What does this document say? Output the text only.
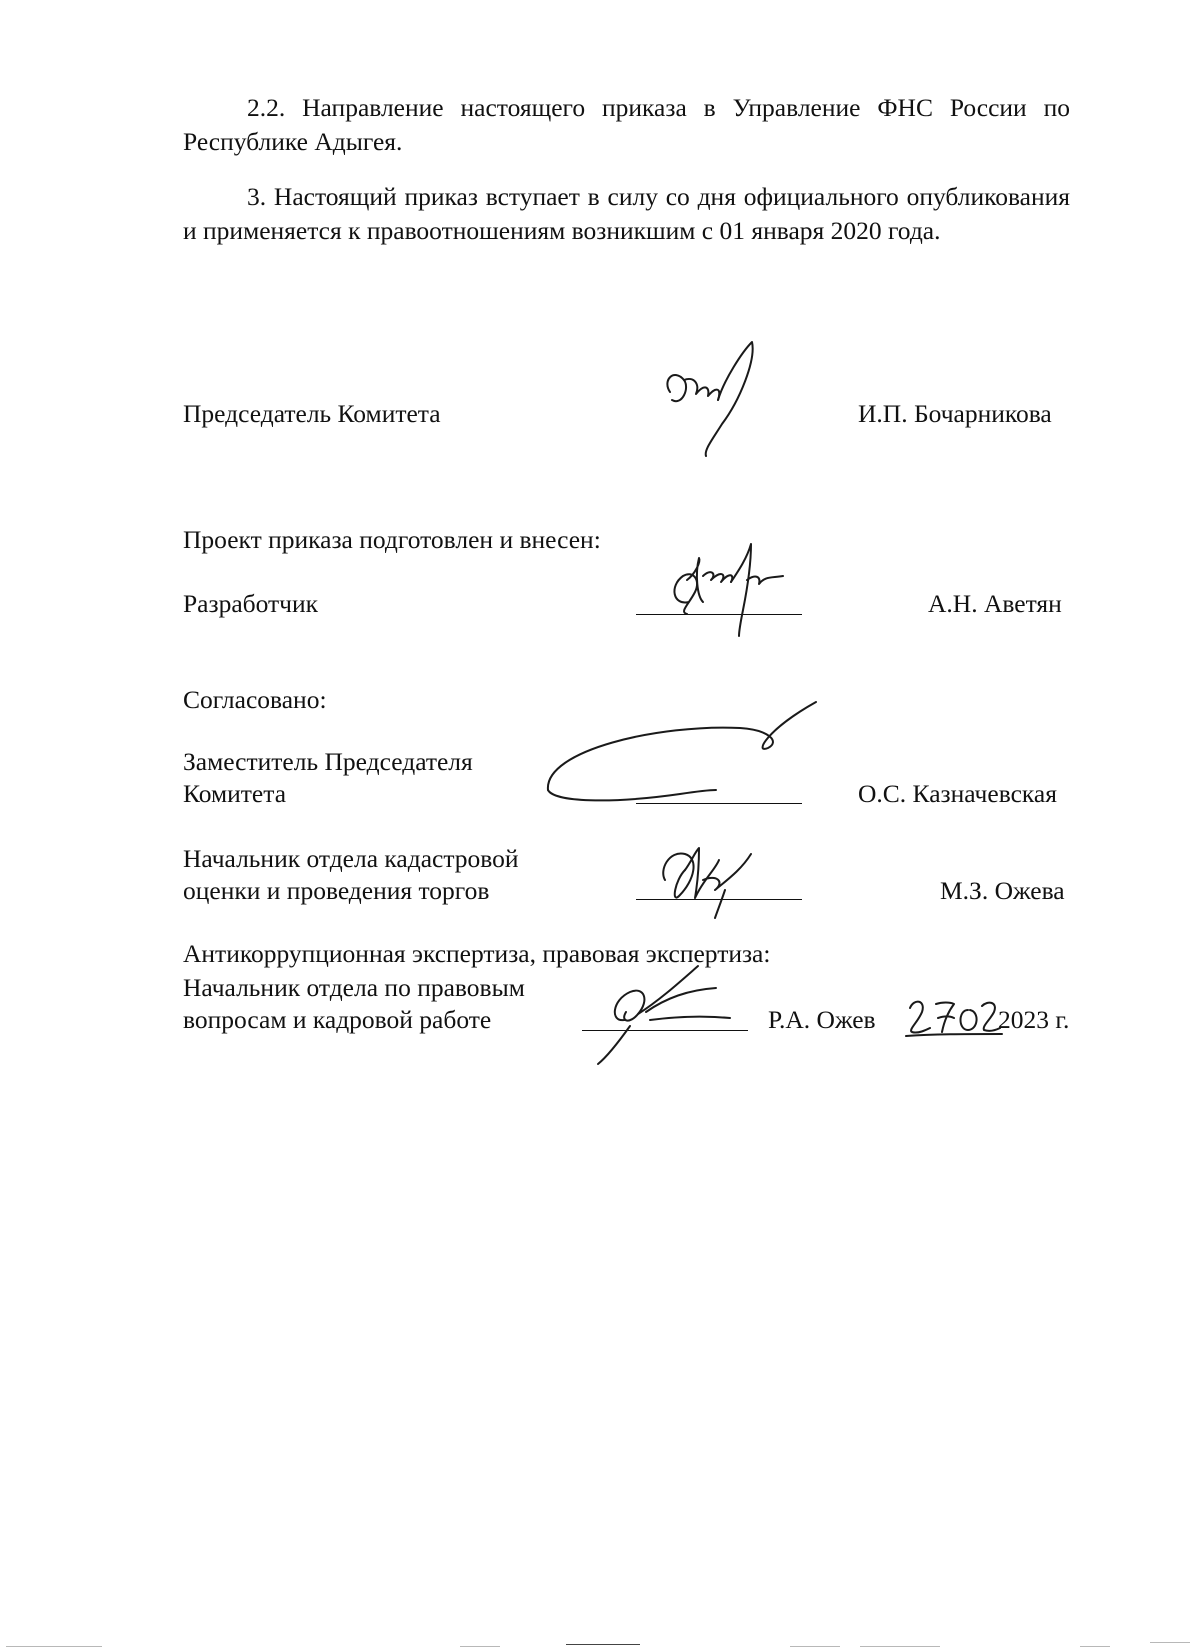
2.2. Направление настоящего приказа в Управление ФНС России по Республике Адыгея.
3. Настоящий приказ вступает в силу со дня официального опубликования и применяется к правоотношениям возникшим с 01 января 2020 года.
Председатель Комитета	И.П. Бочарникова
Проект приказа подготовлен и внесен:
Разработчик	А.Н. Аветян
Согласовано:
Заместитель Председателя
Комитета	О.С. Казначевская
Начальник отдела кадастровой
оценки и проведения торгов	М.З. Ожева
Антикоррупционная экспертиза, правовая экспертиза:
Начальник отдела по правовым
вопросам и кадровой работе	Р.А. Ожев	2023 г.
